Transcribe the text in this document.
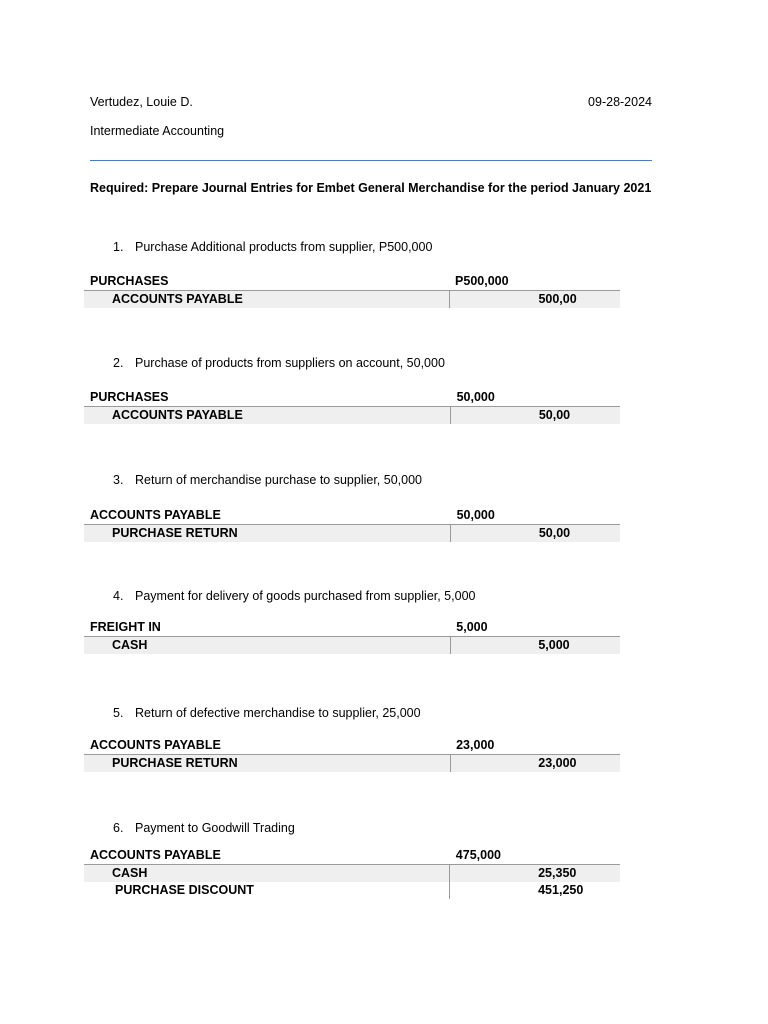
Vertudez, Louie D.	09-28-2024
Intermediate Accounting
Required: Prepare Journal Entries for Embet General Merchandise for the period January 2021
1. Purchase Additional products from supplier, P500,000
PURCHASES	P500,000	
ACCOUNTS PAYABLE		500,00
2. Purchase of products from suppliers on account, 50,000
PURCHASES	50,000	
ACCOUNTS PAYABLE		50,00
3. Return of merchandise purchase to supplier, 50,000
ACCOUNTS PAYABLE	50,000	
PURCHASE RETURN		50,00
4. Payment for delivery of goods purchased from supplier, 5,000
FREIGHT IN	5,000	
CASH		5,000
5. Return of defective merchandise to supplier, 25,000
ACCOUNTS PAYABLE	23,000	
PURCHASE RETURN		23,000
6. Payment to Goodwill Trading
ACCOUNTS PAYABLE	475,000	
CASH		25,350
PURCHASE DISCOUNT		451,250
